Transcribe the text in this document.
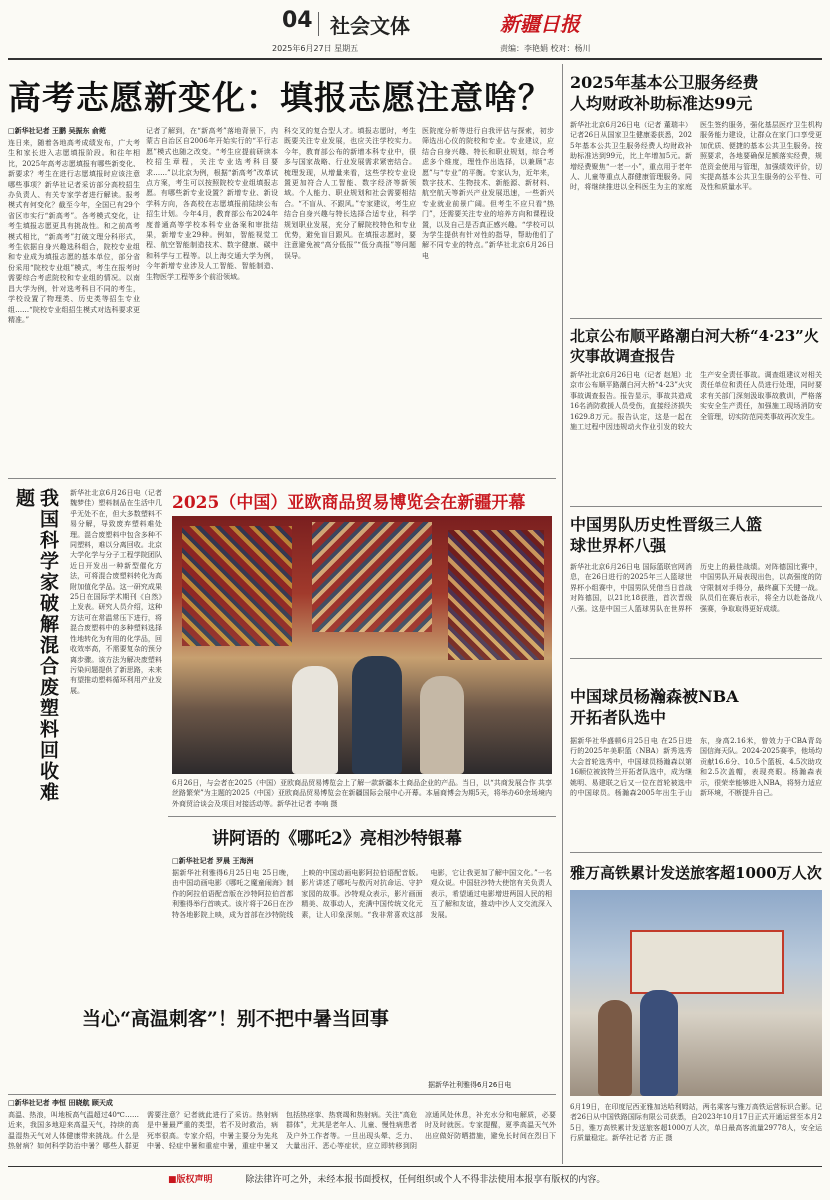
04 社会文体
2025年6月27日 星期五
新疆日报
责编：李艳娟 校对：杨川
高考志愿新变化：填报志愿注意啥？
□新华社记者 王鹏 吴振东 俞菀
连日来，随着各地高考成绩发布，广大考生和家长进入志愿填报阶段。和往年相比，2025年高考志愿填报有哪些新变化、新要求？考生在进行志愿填报时应该注意哪些事项？新华社记者采访部分高校招生办负责人、有关专家学者进行解读。报考模式有何变化？截至今年，全国已有29个省区市实行“新高考”。各考模式变化，让考生填报志愿更具有挑战性。和之前高考模式相比，“新高考”打破文理分科形式，考生依据自身兴趣选科组合，院校专业组和专业成为填报志愿的基本单位，部分省份采用“院校专业组”模式，考生在报考时需要综合考虑院校和专业组的情况。以南昌大学为例，针对选考科目不同的考生，学校设置了物理类、历史类等招生专业组……“院校专业组招生模式对选科要求更精准。”
记者了解到，在“新高考”落地背景下，内蒙古自治区自2006年开始实行的“平行志愿”模式也随之改变。“考生应提前研读本校招生章程，关注专业选考科目要求……”以北京为例，根据“新高考”改革试点方案，考生可以按照院校专业组填报志愿。有哪些新专业设置？新增专业、新设学科方向，各高校在志愿填报前陆续公布招生计划。今年4月，教育部公布2024年度普通高等学校本科专业备案和审批结果，新增专业29种。例如，智能视觉工程、航空智能制造技术、数字健康、碳中和科学与工程等。以上海交通大学为例，今年新增专业涉及人工智能、智能制造、生物医学工程等多个前沿领域。
科交叉的复合型人才。填报志愿时，考生既要关注专业发展，也应关注学校实力。今年，教育部公布的新增本科专业中，很多与国家战略、行业发展需求紧密结合。梳理发现，从增量来看，这些学校专业设置更加符合人工智能、数字经济等新领域。个人能力、职业规划和社会需要相结合。“不盲从、不跟风。”专家建议，考生应结合自身兴趣与特长选择合适专业，科学规划职业发展，充分了解院校特色和专业优势，避免盲目跟风。在填报志愿时，要注意避免被“高分低报”“低分高报”等问题误导。
医院度分析等进行自我评估与探索，初步筛选出心仪的院校和专业。专业建议，应结合自身兴趣、特长和职业规划，综合考虑多个维度，理性作出选择，以兼顾“志愿”与“专业”的平衡。专家认为，近年来，数字技术、生物技术、新能源、新材料、航空航天等新兴产业发展迅速，一些新兴专业就业前景广阔。但考生不应只看“热门”，还需要关注专业的培养方向和课程设置，以及自己是否真正感兴趣。“学校可以为学生提供有针对性的指导，帮助他们了解不同专业的特点。”新华社北京6月26日电
2025年基本公卫服务经费人均财政补助标准达99元
新华社北京6月26日电（记者 董瑞丰）记者26日从国家卫生健康委获悉，2025年基本公共卫生服务经费人均财政补助标准达到99元，比上年增加5元。新增经费聚焦“一老一小”，重点用于老年人、儿童等重点人群健康管理服务。同时，将继续推进以全科医生为主的家庭医生签约服务，强化基层医疗卫生机构服务能力建设，让群众在家门口享受更加优质、便捷的基本公共卫生服务。按照要求，各地要确保足额落实经费，规范资金使用与管理，加强绩效评价，切实提高基本公共卫生服务的公平性、可及性和质量水平。
北京公布顺平路潮白河大桥“4·23”火灾事故调查报告
新华社北京6月26日电（记者 赵旭）北京市公布顺平路潮白河大桥“4·23”火灾事故调查报告。报告显示，事故共造成16名消防救援人员受伤，直接经济损失1629.8万元。报告认定，这是一起在施工过程中因违规动火作业引发的较大生产安全责任事故。调查组建议对相关责任单位和责任人员进行处理，同时要求有关部门深刻汲取事故教训，严格落实安全生产责任，加强施工现场消防安全管理，切实防范同类事故再次发生。
中国男队历史性晋级三人篮球世界杯八强
新华社北京6月26日电 国际篮联官网消息，在26日进行的2025年三人篮球世界杯小组赛中，中国男队凭借当日首战对阵德国，以21比18获胜，首次晋级八强。这是中国三人篮球男队在世界杯历史上的最佳战绩。对阵德国比赛中，中国男队开局表现出色，以高强度的防守限制对手得分，最终赢下关键一战。队员们在赛后表示，将全力以赴备战八强赛，争取取得更好成绩。
中国球员杨瀚森被NBA开拓者队选中
据新华社华盛顿6月25日电 在25日进行的2025年美职篮（NBA）新秀选秀大会首轮选秀中，中国球员杨瀚森以第16顺位被波特兰开拓者队选中，成为继姚明、易建联之后又一位在首轮被选中的中国球员。杨瀚森2005年出生于山东，身高2.16米，曾效力于CBA青岛国信海天队。2024-2025赛季，他场均贡献16.6分、10.5个篮板、4.5次助攻和2.5次盖帽，表现亮眼。杨瀚森表示，很荣幸能够进入NBA，将努力适应新环境，不断提升自己。
雅万高铁累计发送旅客超1000万人次
6月19日，在印度尼西亚雅加达哈利姆站，两名乘客与雅万高铁运营标识合影。记者26日从中国铁路国际有限公司获悉，自2023年10月17日正式开通运营至本月25日，雅万高铁累计发送旅客超1000万人次，单日最高客流量29778人，安全运行质量稳定。新华社记者 方正 摄
我国科学家破解混合废塑料回收难题	新华社北京6月26日电（记者 魏梦佳）塑料制品在生活中几乎无处不在，但大多数塑料不易分解，导致废弃塑料难处理。混合废塑料中包含多种不同塑料，难以分离回收。北京大学化学与分子工程学院团队近日开发出一种新型催化方法，可将混合废塑料转化为高附加值化学品。这一研究成果25日在国际学术期刊《自然》上发表。研究人员介绍，这种方法可在常温常压下进行，将混合废塑料中的多种塑料选择性地转化为有用的化学品，回收效率高，不需要复杂的预分离步骤。该方法为解决废塑料污染问题提供了新思路，未来有望推动塑料循环利用产业发展。
2025（中国）亚欧商品贸易博览会在新疆开幕
6月26日，与会者在2025（中国）亚欧商品贸易博览会上了解一款新疆本土商品企业的产品。当日，以“共商发展合作 共享丝路繁荣”为主题的2025（中国）亚欧商品贸易博览会在新疆国际会展中心开幕。本届商博会为期5天，将举办60余场境内外商贸洽谈会及项目对接活动等。新华社记者 李响 摄
讲阿语的《哪吒2》亮相沙特银幕
□新华社记者 罗晨 王海洲
据新华社利雅得6月25日电 25日晚，由中国动画电影《哪吒之魔童闹海》制作的阿拉伯语配音版在沙特阿拉伯首都利雅得举行首映式。该片将于26日在沙特各地影院上映，成为首部在沙特院线上映的中国动画电影阿拉伯语配音版。影片讲述了哪吒与敖丙对抗命运、守护家园的故事。沙特观众表示，影片画面精美、故事动人，充满中国传统文化元素，让人印象深刻。“我非常喜欢这部电影，它让我更加了解中国文化。”一名观众说。中国驻沙特大使馆有关负责人表示，希望通过电影增进两国人民的相互了解和友谊，推动中沙人文交流深入发展。
据新华社利雅得6月26日电
当心“高温刺客”！别不把中暑当回事
□新华社记者 李恒 田晓航 顾天成
高温、热浪，叫地板高气温超过40℃……近来，我国多地迎来高温天气，持续的高温湿热天气对人体健康带来挑战。什么是热射病？如何科学防治中暑？哪些人群更需要注意？记者就此进行了采访。热射病是中暑最严重的类型，若不及时救治，病死率很高。专家介绍，中暑主要分为先兆中暑、轻症中暑和重症中暑，重症中暑又包括热痉挛、热衰竭和热射病。关注“高危群体”，尤其是老年人、儿童、慢性病患者及户外工作者等。一旦出现头晕、乏力、大量出汗、恶心等症状，应立即转移到阴凉通风处休息，补充水分和电解质，必要时及时就医。专家提醒，夏季高温天气外出应做好防晒措施，避免长时间在烈日下
■版权声明	除法律许可之外，未经本报书面授权，任何组织或个人不得非法使用本报享有版权的内容。
